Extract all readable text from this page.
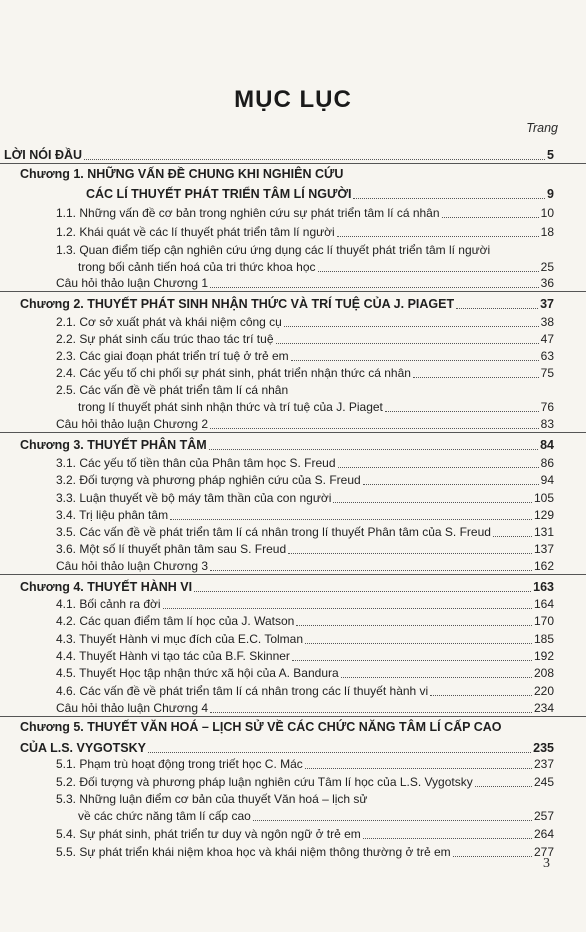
MỤC LỤC
Trang
LỜI NÓI ĐẦU	5
Chương 1. NHỮNG VẤN ĐỀ CHUNG KHI NGHIÊN CỨU
CÁC LÍ THUYẾT PHÁT TRIỂN TÂM LÍ NGƯỜI	9
1.1. Những vấn đề cơ bản trong nghiên cứu sự phát triển tâm lí cá nhân	10
1.2. Khái quát về các lí thuyết phát triển tâm lí người	18
1.3. Quan điểm tiếp cận nghiên cứu ứng dụng các lí thuyết phát triển tâm lí người
trong bối cảnh tiến hoá của tri thức khoa học	25
Câu hỏi thảo luận Chương 1	36
Chương 2. THUYẾT PHÁT SINH NHẬN THỨC VÀ TRÍ TUỆ CỦA J. PIAGET	37
2.1. Cơ sở xuất phát và khái niệm công cụ	38
2.2. Sự phát sinh cấu trúc thao tác trí tuệ	47
2.3. Các giai đoạn phát triển trí tuệ ở trẻ em	63
2.4. Các yếu tố chi phối sự phát sinh, phát triển nhận thức cá nhân	75
2.5. Các vấn đề về phát triển tâm lí cá nhân
trong lí thuyết phát sinh nhận thức và trí tuệ của J. Piaget	76
Câu hỏi thảo luận Chương 2	83
Chương 3. THUYẾT PHÂN TÂM	84
3.1. Các yếu tố tiền thân của Phân tâm học S. Freud	86
3.2. Đối tượng và phương pháp nghiên cứu của S. Freud	94
3.3. Luận thuyết về bộ máy tâm thần của con người	105
3.4. Trị liệu phân tâm	129
3.5. Các vấn đề về phát triển tâm lí cá nhân trong lí thuyết Phân tâm của S. Freud	131
3.6. Một số lí thuyết phân tâm sau S. Freud	137
Câu hỏi thảo luận Chương 3	162
Chương 4. THUYẾT HÀNH VI	163
4.1. Bối cảnh ra đời	164
4.2. Các quan điểm tâm lí học của J. Watson	170
4.3. Thuyết Hành vi mục đích của E.C. Tolman	185
4.4. Thuyết Hành vi tạo tác của B.F. Skinner	192
4.5. Thuyết Học tập nhận thức xã hội của A. Bandura	208
4.6. Các vấn đề về phát triển tâm lí cá nhân trong các lí thuyết hành vi	220
Câu hỏi thảo luận Chương 4	234
Chương 5. THUYẾT VĂN HOÁ – LỊCH SỬ VỀ CÁC CHỨC NĂNG TÂM LÍ CẤP CAO
CỦA L.S. VYGOTSKY	235
5.1. Phạm trù hoạt động trong triết học C. Mác	237
5.2. Đối tượng và phương pháp luận nghiên cứu Tâm lí học của L.S. Vygotsky	245
5.3. Những luận điểm cơ bản của thuyết Văn hoá – lịch sử
về các chức năng tâm lí cấp cao	257
5.4. Sự phát sinh, phát triển tư duy và ngôn ngữ ở trẻ em	264
5.5. Sự phát triển khái niệm khoa học và khái niệm thông thường ở trẻ em	277
3
